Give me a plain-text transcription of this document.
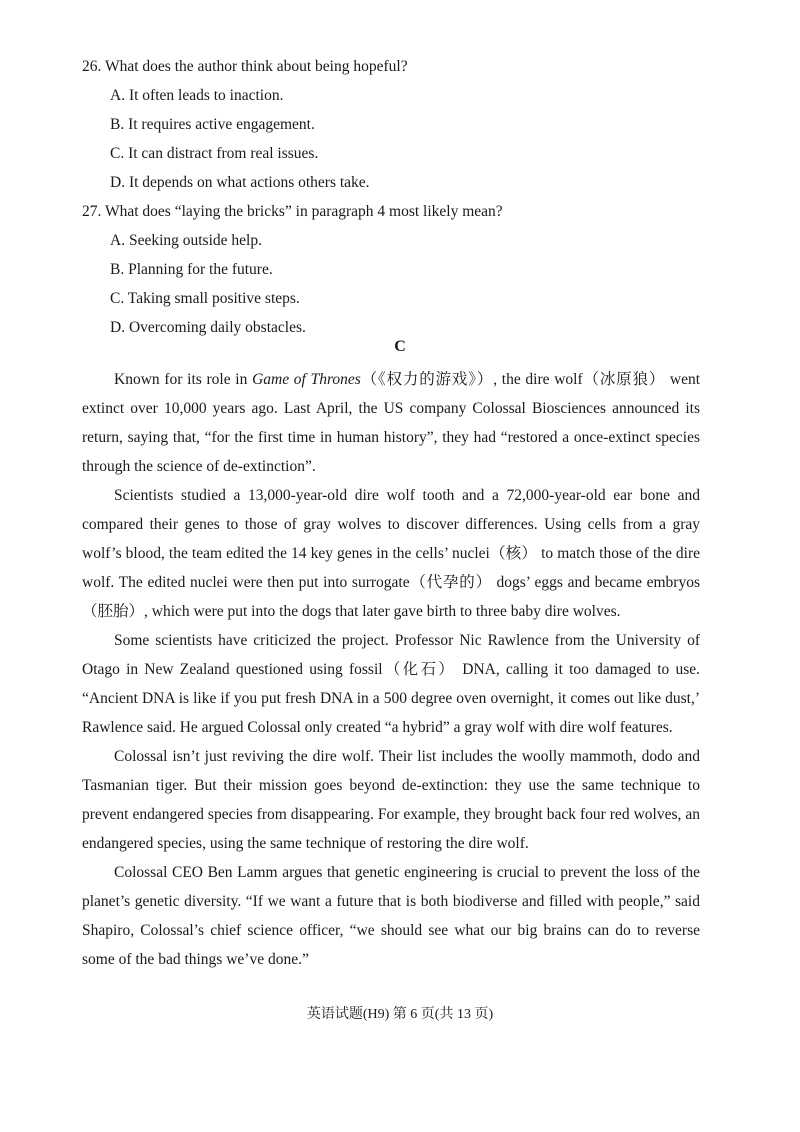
26. What does the author think about being hopeful?
A. It often leads to inaction.
B. It requires active engagement.
C. It can distract from real issues.
D. It depends on what actions others take.
27. What does “laying the bricks” in paragraph 4 most likely mean?
A. Seeking outside help.
B. Planning for the future.
C. Taking small positive steps.
D. Overcoming daily obstacles.
C

Known for its role in Game of Thrones（《权力的游戏》）, the dire wolf（冰原狼） went extinct over 10,000 years ago. Last April, the US company Colossal Biosciences announced its return, saying that, “for the first time in human history”, they had “restored a once-extinct species through the science of de-extinction”.

Scientists studied a 13,000-year-old dire wolf tooth and a 72,000-year-old ear bone and compared their genes to those of gray wolves to discover differences. Using cells from a gray wolf’s blood, the team edited the 14 key genes in the cells’ nuclei（核） to match those of the dire wolf. The edited nuclei were then put into surrogate（代孕的） dogs’ eggs and became embryos（胚胎）, which were put into the dogs that later gave birth to three baby dire wolves.

Some scientists have criticized the project. Professor Nic Rawlence from the University of Otago in New Zealand questioned using fossil（化石） DNA, calling it too damaged to use. “Ancient DNA is like if you put fresh DNA in a 500 degree oven overnight, it comes out like dust,’ Rawlence said. He argued Colossal only created “a hybrid” a gray wolf with dire wolf features.

Colossal isn’t just reviving the dire wolf. Their list includes the woolly mammoth, dodo and Tasmanian tiger. But their mission goes beyond de-extinction: they use the same technique to prevent endangered species from disappearing. For example, they brought back four red wolves, an endangered species, using the same technique of restoring the dire wolf.

Colossal CEO Ben Lamm argues that genetic engineering is crucial to prevent the loss of the planet’s genetic diversity. “If we want a future that is both biodiverse and filled with people,” said Shapiro, Colossal’s chief science officer, “we should see what our big brains can do to reverse some of the bad things we’ve done.”

英语试题(H9) 第 6 页(共 13 页)
